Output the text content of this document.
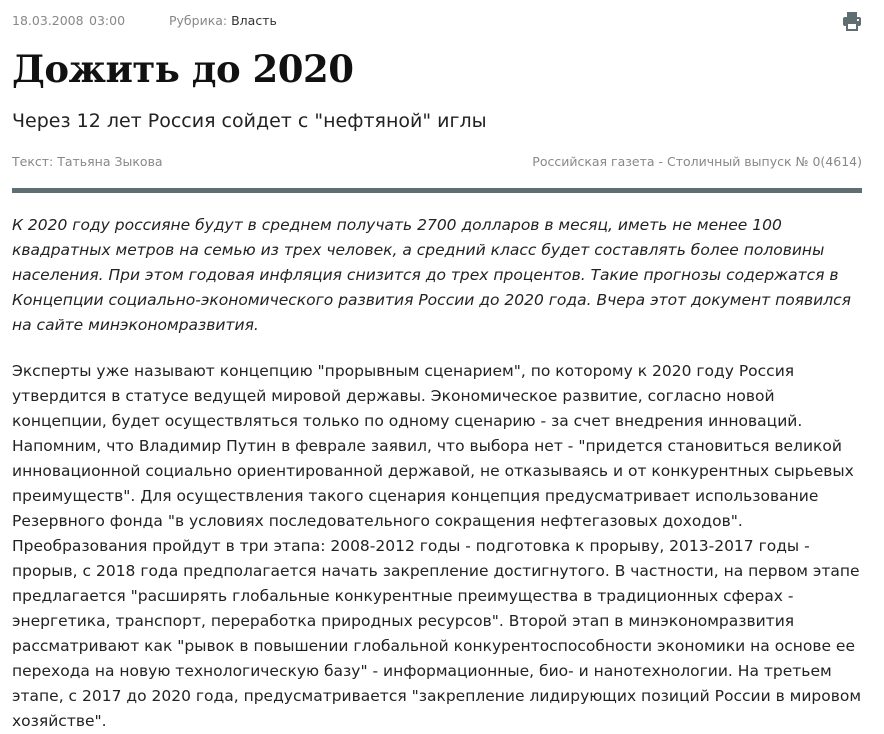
18.03.2008 03:00	Рубрика: Власть
Дожить до 2020
Через 12 лет Россия сойдет с "нефтяной" иглы
Текст: Татьяна Зыкова	Российская газета - Столичный выпуск № 0(4614)

К 2020 году россияне будут в среднем получать 2700 долларов в месяц, иметь не менее 100 квадратных метров на семью из трех человек, а средний класс будет составлять более половины населения. При этом годовая инфляция снизится до трех процентов. Такие прогнозы содержатся в Концепции социально-экономического развития России до 2020 года. Вчера этот документ появился на сайте минэкономразвития.

Эксперты уже называют концепцию "прорывным сценарием", по которому к 2020 году Россия утвердится в статусе ведущей мировой державы. Экономическое развитие, согласно новой концепции, будет осуществляться только по одному сценарию - за счет внедрения инноваций. Напомним, что Владимир Путин в феврале заявил, что выбора нет - "придется становиться великой инновационной социально ориентированной державой, не отказываясь и от конкурентных сырьевых преимуществ". Для осуществления такого сценария концепция предусматривает использование Резервного фонда "в условиях последовательного сокращения нефтегазовых доходов". Преобразования пройдут в три этапа: 2008-2012 годы - подготовка к прорыву, 2013-2017 годы - прорыв, с 2018 года предполагается начать закрепление достигнутого. В частности, на первом этапе предлагается "расширять глобальные конкурентные преимущества в традиционных сферах - энергетика, транспорт, переработка природных ресурсов". Второй этап в минэкономразвития рассматривают как "рывок в повышении глобальной конкурентоспособности экономики на основе ее перехода на новую технологическую базу" - информационные, био- и нанотехнологии. На третьем этапе, с 2017 до 2020 года, предусматривается "закрепление лидирующих позиций России в мировом хозяйстве".
